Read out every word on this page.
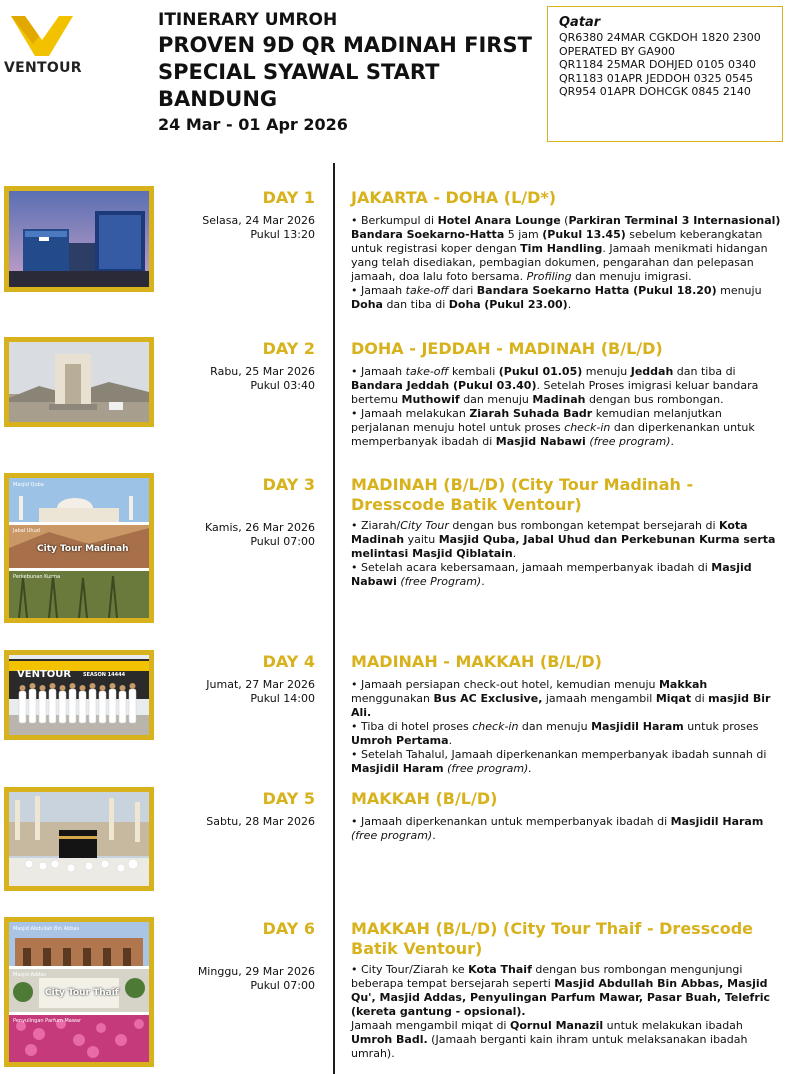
VENTOUR
ITINERARY UMROH
PROVEN 9D QR MADINAH FIRST
SPECIAL SYAWAL START
BANDUNG
24 Mar - 01 Apr 2026
Qatar
QR6380 24MAR CGKDOH 1820 2300
OPERATED BY GA900
QR1184 25MAR DOHJED 0105 0340
QR1183 01APR JEDDOH 0325 0545
QR954 01APR DOHCGK 0845 2140
DAY 1
Selasa, 24 Mar 2026
Pukul 13:20
JAKARTA - DOHA (L/D*)

• Berkumpul di Hotel Anara Lounge (Parkiran Terminal 3 Internasional) Bandara Soekarno-Hatta 5 jam (Pukul 13.45) sebelum keberangkatan untuk registrasi koper dengan Tim Handling. Jamaah menikmati hidangan yang telah disediakan, pembagian dokumen, pengarahan dan pelepasan jamaah, doa lalu foto bersama. Profiling dan menuju imigrasi.

• Jamaah take-off dari Bandara Soekarno Hatta (Pukul 18.20) menuju Doha dan tiba di Doha (Pukul 23.00).

DAY 2
Rabu, 25 Mar 2026
Pukul 03:40
DOHA - JEDDAH - MADINAH (B/L/D)

• Jamaah take-off kembali (Pukul 01.05) menuju Jeddah dan tiba di Bandara Jeddah (Pukul 03.40). Setelah Proses imigrasi keluar bandara bertemu Muthowif dan menuju Madinah dengan bus rombongan.

• Jamaah melakukan Ziarah Suhada Badr kemudian melanjutkan perjalanan menuju hotel untuk proses check-in dan diperkenankan untuk memperbanyak ibadah di Masjid Nabawi (free program).

Masjid Quba
Jabal Uhud
City Tour Madinah
Perkebunan Kurma
DAY 3
Kamis, 26 Mar 2026
Pukul 07:00
MADINAH (B/L/D) (City Tour Madinah - Dresscode Batik Ventour)

• Ziarah/City Tour dengan bus rombongan ketempat bersejarah di Kota Madinah yaitu Masjid Quba, Jabal Uhud dan Perkebunan Kurma serta melintasi Masjid Qiblatain.

• Setelah acara kebersamaan, jamaah memperbanyak ibadah di Masjid Nabawi (free Program).

VENTOUR SEASON 14444
DAY 4
Jumat, 27 Mar 2026
Pukul 14:00
MADINAH - MAKKAH (B/L/D)

• Jamaah persiapan check-out hotel, kemudian menuju Makkah menggunakan Bus AC Exclusive, jamaah mengambil Miqat di masjid Bir Ali.

• Tiba di hotel proses check-in dan menuju Masjidil Haram untuk proses Umroh Pertama.

• Setelah Tahalul, Jamaah diperkenankan memperbanyak ibadah sunnah di Masjidil Haram (free program).

DAY 5
Sabtu, 28 Mar 2026
MAKKAH (B/L/D)

• Jamaah diperkenankan untuk memperbanyak ibadah di Masjidil Haram (free program).

Masjid Abdullah Bin Abbas
Masjid Addas
City Tour Thaif
Penyulingan Parfum Mawar
DAY 6
Minggu, 29 Mar 2026
Pukul 07:00
MAKKAH (B/L/D) (City Tour Thaif - Dresscode Batik Ventour)

• City Tour/Ziarah ke Kota Thaif dengan bus rombongan mengunjungi beberapa tempat bersejarah seperti Masjid Abdullah Bin Abbas, Masjid Qu', Masjid Addas, Penyulingan Parfum Mawar, Pasar Buah, Telefric (kereta gantung - opsional).

Jamaah mengambil miqat di Qornul Manazil untuk melakukan ibadah Umroh Badl. (Jamaah berganti kain ihram untuk melaksanakan ibadah umrah).
